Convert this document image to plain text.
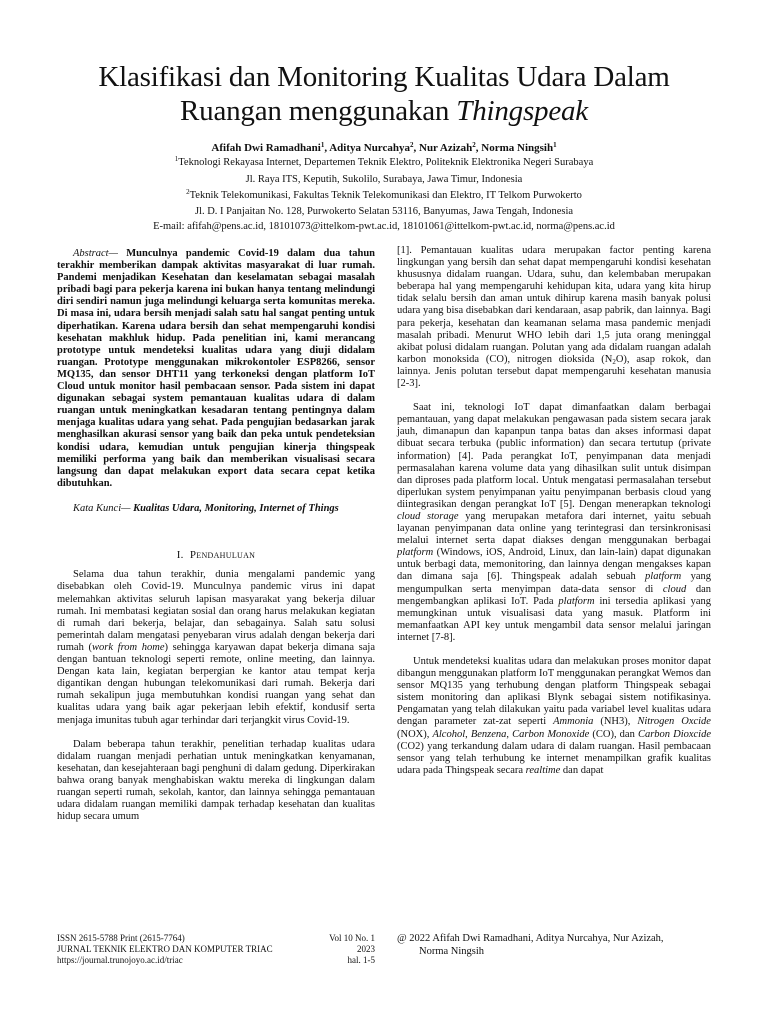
Klasifikasi dan Monitoring Kualitas Udara Dalam
Ruangan menggunakan Thingspeak
Afifah Dwi Ramadhani$^1$, Aditya Nurcahya$^2$, Nur Azizah$^2$, Norma Ningsih$^1$
$^1$Teknologi Rekayasa Internet, Departemen Teknik Elektro, Politeknik Elektronika Negeri Surabaya
Jl. Raya ITS, Keputih, Sukolilo, Surabaya, Jawa Timur, Indonesia
$^2$Teknik Telekomunikasi, Fakultas Teknik Telekomunikasi dan Elektro, IT Telkom Purwokerto
Jl. D. I Panjaitan No. 128, Purwokerto Selatan 53116, Banyumas, Jawa Tengah, Indonesia
E-mail: afifah@pens.ac.id, 18101073@ittelkom-pwt.ac.id, 18101061@ittelkom-pwt.ac.id, norma@pens.ac.id

Abstract— Munculnya pandemic Covid-19 dalam dua tahun terakhir memberikan dampak aktivitas masyarakat di luar rumah. Pandemi menjadikan Kesehatan dan keselamatan sebagai masalah pribadi bagi para pekerja karena ini bukan hanya tentang melindungi diri sendiri namun juga melindungi keluarga serta komunitas mereka. Di masa ini, udara bersih menjadi salah satu hal sangat penting untuk diperhatikan. Karena udara bersih dan sehat mempengaruhi kondisi kesehatan makhluk hidup. Pada penelitian ini, kami merancang prototype untuk mendeteksi kualitas udara yang diuji didalam ruangan. Prototype menggunakan mikrokontoler ESP8266, sensor MQ135, dan sensor DHT11 yang terkoneksi dengan platform IoT Cloud untuk monitor hasil pembacaan sensor. Pada sistem ini dapat digunakan sebagai system pemantauan kualitas udara di dalam ruangan untuk meningkatkan kesadaran tentang pentingnya dalam menjaga kualitas udara yang sehat. Pada pengujian bedasarkan jarak menghasilkan akurasi sensor yang baik dan peka untuk pendeteksian kondisi udara, kemudian untuk pengujian kinerja thingspeak memiliki performa yang baik dan memberikan visualisasi secara langsung dan dapat melakukan export data secara cepat ketika dibutuhkan.

Kata Kunci— Kualitas Udara, Monitoring, Internet of Things

I. Pendahuluan

Selama dua tahun terakhir, dunia mengalami pandemic yang disebabkan oleh Covid-19. Munculnya pandemic virus ini dapat melemahkan aktivitas seluruh lapisan masyarakat yang bekerja diluar rumah. Ini membatasi kegiatan sosial dan orang harus melakukan kegiatan di rumah dari bekerja, belajar, dan sebagainya. Salah satu solusi pemerintah dalam mengatasi penyebaran virus adalah dengan bekerja dari rumah (work from home) sehingga karyawan dapat bekerja dimana saja dengan bantuan teknologi seperti remote, online meeting, dan lainnya. Dengan kata lain, kegiatan berpergian ke kantor atau tempat kerja digantikan dengan hubungan telekomunikasi dari rumah. Bekerja dari rumah sekalipun juga membutuhkan kondisi ruangan yang sehat dan kualitas udara yang baik agar pekerjaan lebih efektif, kondusif serta menjaga imunitas tubuh agar terhindar dari terjangkit virus Covid-19.

Dalam beberapa tahun terakhir, penelitian terhadap kualitas udara didalam ruangan menjadi perhatian untuk meningkatkan kenyamanan, kesehatan, dan kesejahteraan bagi penghuni di dalam gedung. Diperkirakan bahwa orang banyak menghabiskan waktu mereka di lingkungan dalam ruangan seperti rumah, sekolah, kantor, dan lainnya sehingga pemantauan udara didalam ruangan memiliki dampak terhadap kesehatan dan kualitas hidup secara umum

[1]. Pemantauan kualitas udara merupakan factor penting karena lingkungan yang bersih dan sehat dapat mempengaruhi kondisi kesehatan khususnya didalam ruangan. Udara, suhu, dan kelembaban merupakan beberapa hal yang mempengaruhi kehidupan kita, udara yang kita hirup tidak selalu bersih dan aman untuk dihirup karena masih banyak polusi udara yang bisa disebabkan dari kendaraan, asap pabrik, dan lainnya. Bagi para pekerja, kesehatan dan keamanan selama masa pandemic menjadi masalah pribadi. Menurut WHO lebih dari 1,5 juta orang meninggal akibat polusi didalam ruangan. Polutan yang ada didalam ruangan adalah karbon monoksida (CO), nitrogen dioksida $(N_2O)$, asap rokok, dan lainnya. Jenis polutan tersebut dapat mempengaruhi kesehatan manusia [2-3].

Saat ini, teknologi IoT dapat dimanfaatkan dalam berbagai pemantauan, yang dapat melakukan pengawasan pada sistem secara jarak jauh, dimanapun dan kapanpun tanpa batas dan akses informasi dapat dibuat secara terbuka (public information) dan secara tertutup (private information) [4]. Pada perangkat IoT, penyimpanan data menjadi permasalahan karena volume data yang dihasilkan sulit untuk disimpan dan diproses pada platform local. Untuk mengatasi permasalahan tersebut diperlukan system penyimpanan yaitu penyimpanan berbasis cloud yang diintegrasikan dengan perangkat IoT [5]. Dengan menerapkan teknologi cloud storage yang merupakan metafora dari internet, yaitu sebuah layanan penyimpanan data online yang terintegrasi dan tersinkronisasi melalui internet serta dapat diakses dengan menggunakan berbagai platform (Windows, iOS, Android, Linux, dan lain-lain) dapat digunakan untuk berbagi data, memonitoring, dan lainnya dengan mengakses kapan dan dimana saja [6]. Thingspeak adalah sebuah platform yang mengumpulkan serta menyimpan data-data sensor di cloud dan mengembangkan aplikasi IoT. Pada platform ini tersedia aplikasi yang memungkinan untuk visualisasi data yang masuk. Platform ini memanfaatkan API key untuk mengambil data sensor melalui jaringan internet [7-8].

Untuk mendeteksi kualitas udara dan melakukan proses monitor dapat dibangun menggunakan platform IoT menggunakan perangkat Wemos dan sensor MQ135 yang terhubung dengan platform Thingspeak sebagai sistem monitoring dan aplikasi Blynk sebagai sistem notifikasinya. Pengamatan yang telah dilakukan yaitu pada variabel level kualitas udara dengan parameter zat-zat seperti Ammonia (NH3), Nitrogen Oxcide (NOX), Alcohol, Benzena, Carbon Monoxide (CO), dan Carbon Dioxcide (CO2) yang terkandung dalam udara di dalam ruangan. Hasil pembacaan sensor yang telah terhubung ke internet menampilkan grafik kualitas udara pada Thingspeak secara realtime dan dapat

ISSN 2615-5788 Print (2615-7764)
JURNAL TEKNIK ELEKTRO DAN KOMPUTER TRIAC
https://journal.trunojoyo.ac.id/triac
Vol 10 No. 1
2023
hal. 1-5
@ 2022 Afifah Dwi Ramadhani, Aditya Nurcahya, Nur Azizah,
Norma Ningsih
